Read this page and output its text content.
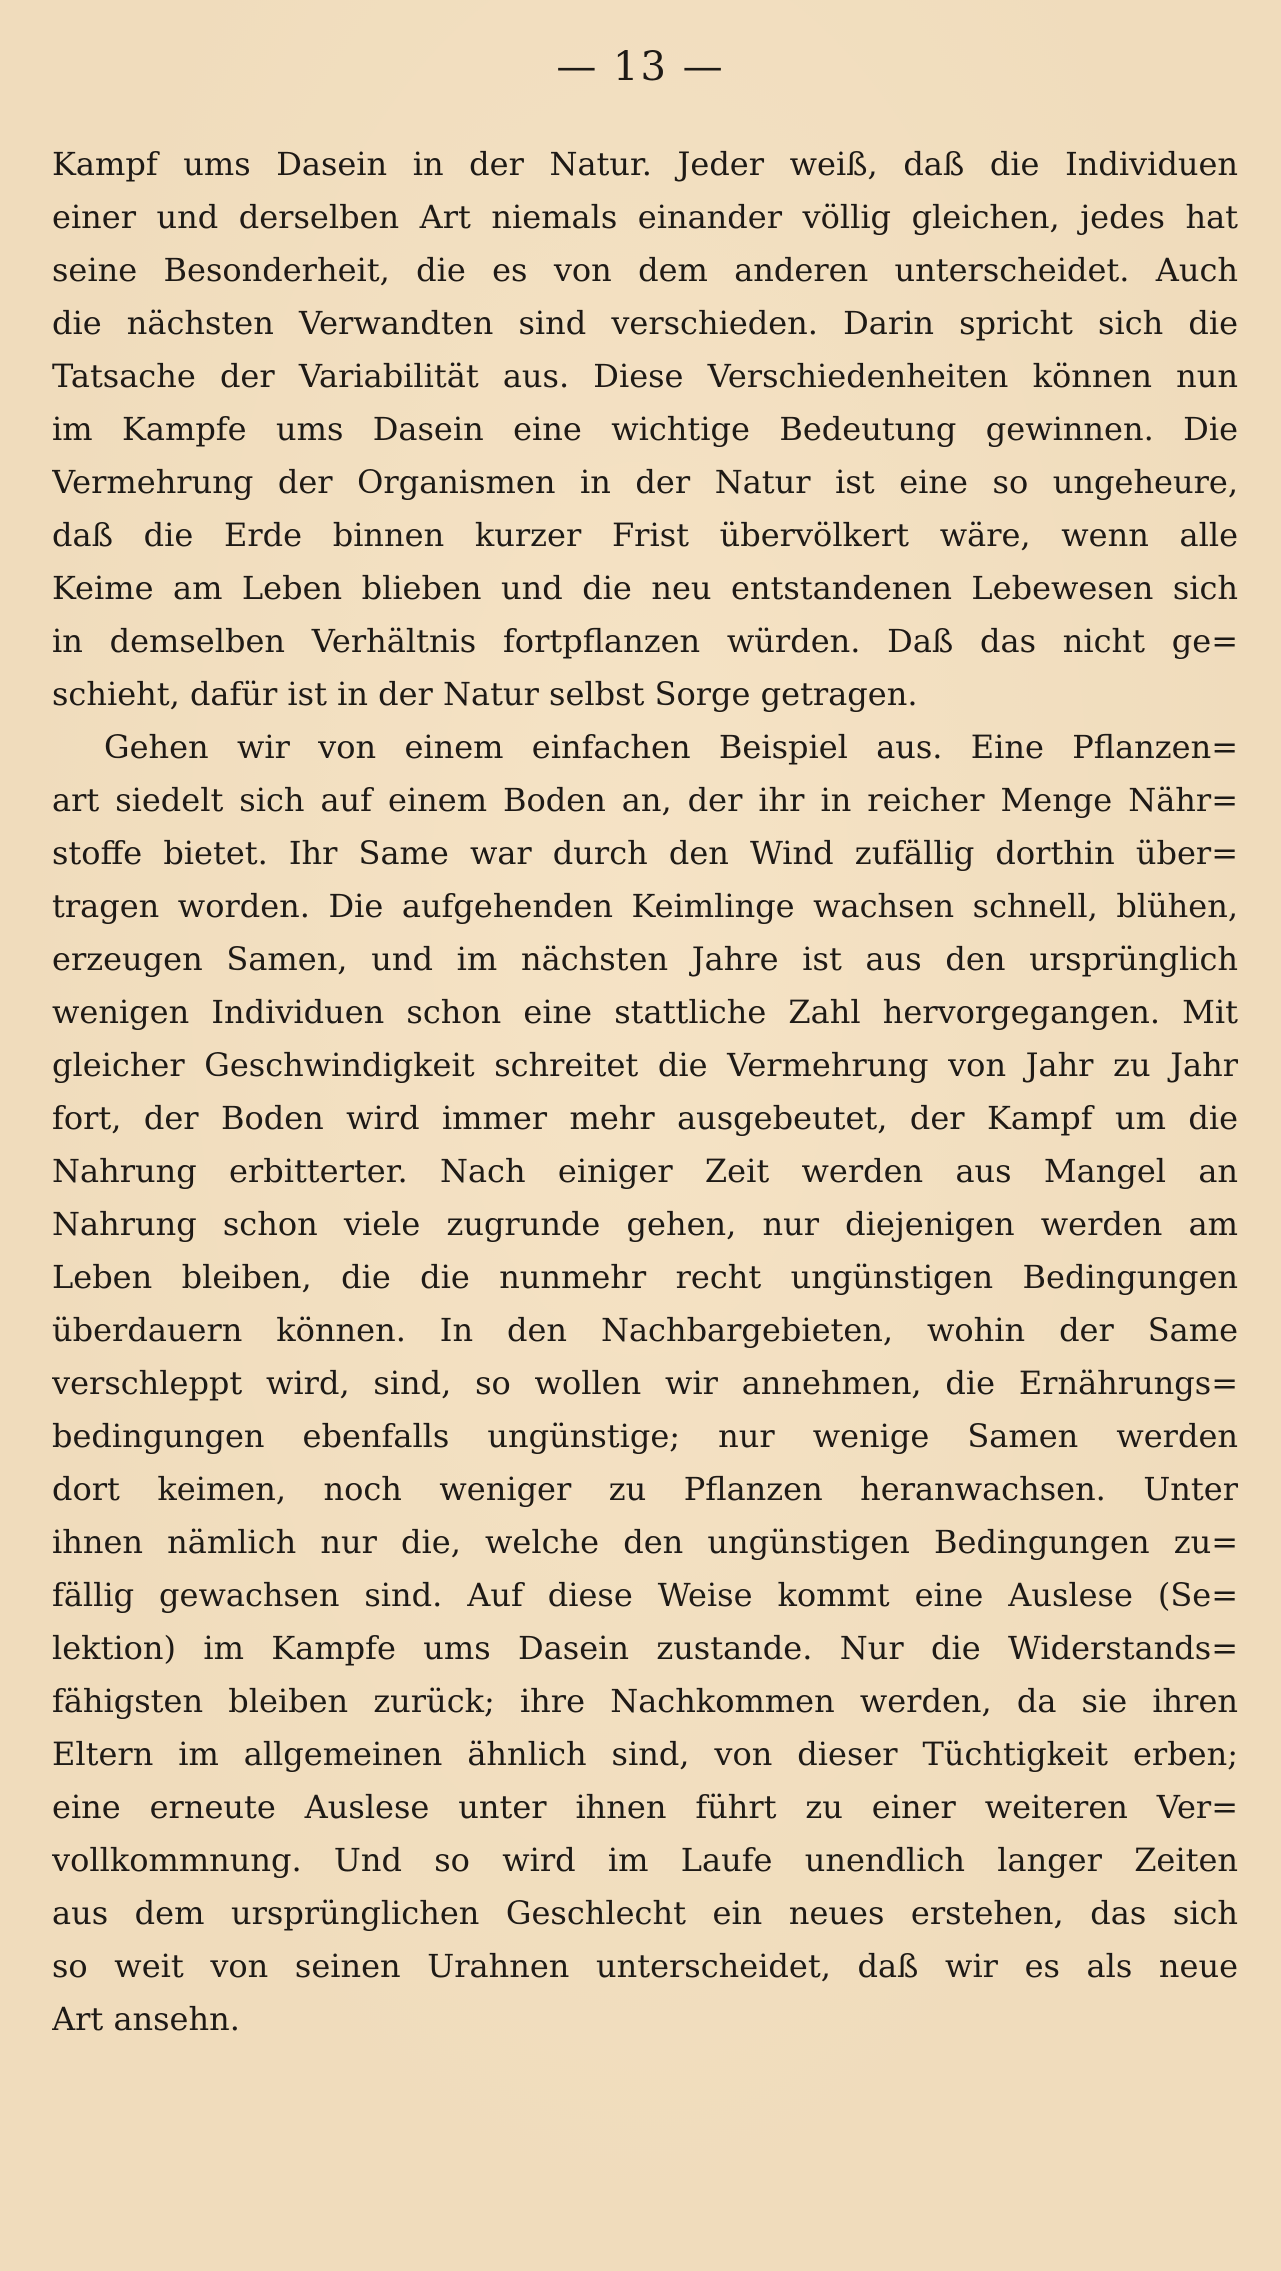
— 13 —
Kampf ums Dasein in der Natur. Jeder weiß, daß die Individuen
einer und derselben Art niemals einander völlig gleichen, jedes hat
seine Besonderheit, die es von dem anderen unterscheidet. Auch
die nächsten Verwandten sind verschieden. Darin spricht sich die
Tatsache der Variabilität aus. Diese Verschiedenheiten können nun
im Kampfe ums Dasein eine wichtige Bedeutung gewinnen. Die
Vermehrung der Organismen in der Natur ist eine so ungeheure,
daß die Erde binnen kurzer Frist übervölkert wäre, wenn alle
Keime am Leben blieben und die neu entstandenen Lebewesen sich
in demselben Verhältnis fortpflanzen würden. Daß das nicht ge=
schieht, dafür ist in der Natur selbst Sorge getragen.
Gehen wir von einem einfachen Beispiel aus. Eine Pflanzen=
art siedelt sich auf einem Boden an, der ihr in reicher Menge Nähr=
stoffe bietet. Ihr Same war durch den Wind zufällig dorthin über=
tragen worden. Die aufgehenden Keimlinge wachsen schnell, blühen,
erzeugen Samen, und im nächsten Jahre ist aus den ursprünglich
wenigen Individuen schon eine stattliche Zahl hervorgegangen. Mit
gleicher Geschwindigkeit schreitet die Vermehrung von Jahr zu Jahr
fort, der Boden wird immer mehr ausgebeutet, der Kampf um die
Nahrung erbitterter. Nach einiger Zeit werden aus Mangel an
Nahrung schon viele zugrunde gehen, nur diejenigen werden am
Leben bleiben, die die nunmehr recht ungünstigen Bedingungen
überdauern können. In den Nachbargebieten, wohin der Same
verschleppt wird, sind, so wollen wir annehmen, die Ernährungs=
bedingungen ebenfalls ungünstige; nur wenige Samen werden
dort keimen, noch weniger zu Pflanzen heranwachsen. Unter
ihnen nämlich nur die, welche den ungünstigen Bedingungen zu=
fällig gewachsen sind. Auf diese Weise kommt eine Auslese (Se=
lektion) im Kampfe ums Dasein zustande. Nur die Widerstands=
fähigsten bleiben zurück; ihre Nachkommen werden, da sie ihren
Eltern im allgemeinen ähnlich sind, von dieser Tüchtigkeit erben;
eine erneute Auslese unter ihnen führt zu einer weiteren Ver=
vollkommnung. Und so wird im Laufe unendlich langer Zeiten
aus dem ursprünglichen Geschlecht ein neues erstehen, das sich
so weit von seinen Urahnen unterscheidet, daß wir es als neue
Art ansehn.
